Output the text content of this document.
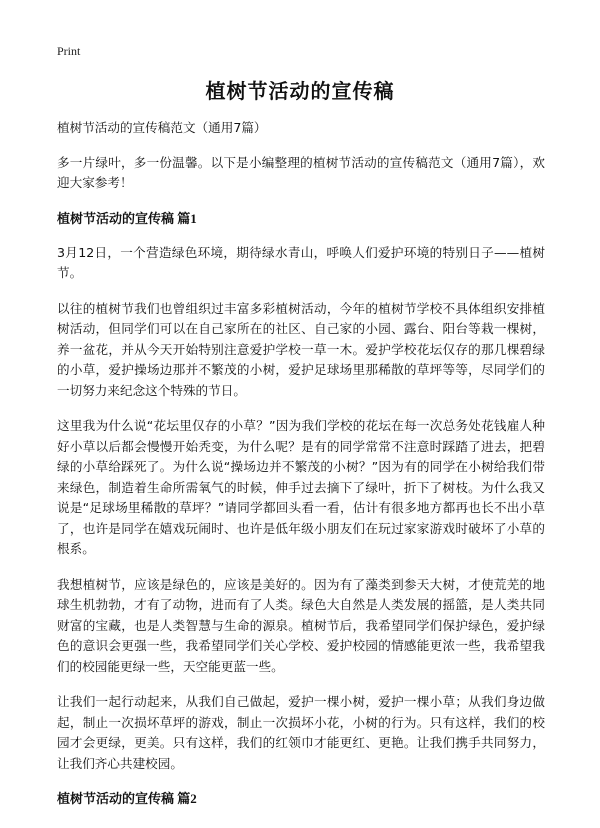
Print
植树节活动的宣传稿

植树节活动的宣传稿范文（通用7篇）

多一片绿叶，多一份温馨。以下是小编整理的植树节活动的宣传稿范文（通用7篇），欢迎大家参考！

植树节活动的宣传稿 篇1

3月12日，一个营造绿色环境，期待绿水青山，呼唤人们爱护环境的特别日子——植树节。

以往的植树节我们也曾组织过丰富多彩植树活动，今年的植树节学校不具体组织安排植树活动，但同学们可以在自己家所在的社区、自己家的小园、露台、阳台等栽一棵树，养一盆花，并从今天开始特别注意爱护学校一草一木。爱护学校花坛仅存的那几棵碧绿的小草，爱护操场边那并不繁茂的小树，爱护足球场里那稀散的草坪等等，尽同学们的一切努力来纪念这个特殊的节日。

这里我为什么说“花坛里仅存的小草？”因为我们学校的花坛在每一次总务处花钱雇人种好小草以后都会慢慢开始秃变，为什么呢？是有的同学常常不注意时踩踏了进去，把碧绿的小草给踩死了。为什么说“操场边并不繁茂的小树？”因为有的同学在小树给我们带来绿色，制造着生命所需氧气的时候，伸手过去摘下了绿叶，折下了树枝。为什么我又说是“足球场里稀散的草坪？”请同学都回头看一看，估计有很多地方都再也长不出小草了，也许是同学在嬉戏玩闹时、也许是低年级小朋友们在玩过家家游戏时破坏了小草的根系。

我想植树节，应该是绿色的，应该是美好的。因为有了藻类到参天大树，才使荒芜的地球生机勃勃，才有了动物，进而有了人类。绿色大自然是人类发展的摇篮，是人类共同财富的宝藏，也是人类智慧与生命的源泉。植树节后，我希望同学们保护绿色，爱护绿色的意识会更强一些，我希望同学们关心学校、爱护校园的情感能更浓一些，我希望我们的校园能更绿一些，天空能更蓝一些。

让我们一起行动起来，从我们自己做起，爱护一棵小树，爱护一棵小草；从我们身边做起，制止一次损坏草坪的游戏，制止一次损坏小花，小树的行为。只有这样，我们的校园才会更绿，更美。只有这样，我们的红领巾才能更红、更艳。让我们携手共同努力，让我们齐心共建校园。

植树节活动的宣传稿 篇2
